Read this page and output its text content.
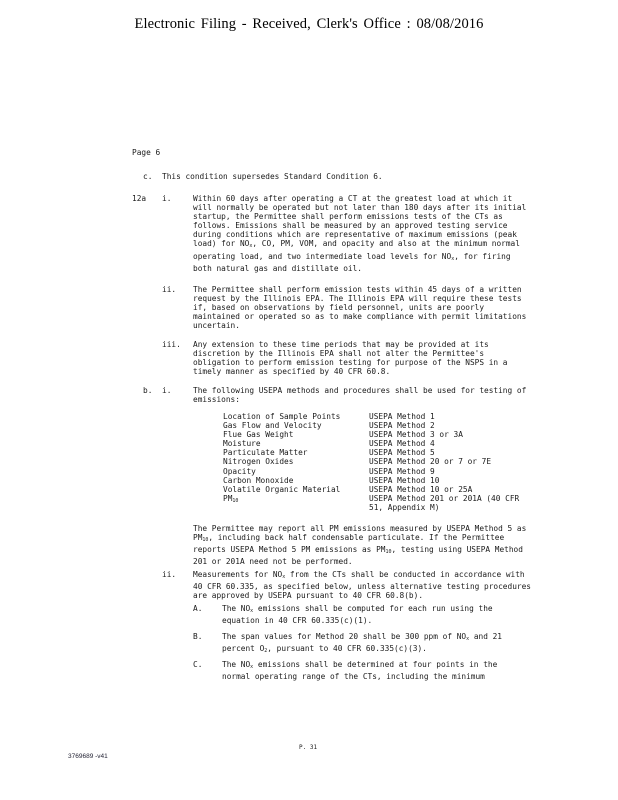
Electronic Filing - Received, Clerk's Office : 08/08/2016
Page 6
c. This condition supersedes Standard Condition 6.
12a i.	Within 60 days after operating a CT at the greatest load at which it will normally be operated but not later than 180 days after its initial startup, the Permittee shall perform emissions tests of the CTs as follows. Emissions shall be measured by an approved testing service during conditions which are representative of maximum emissions (peak load) for $NO_x$, CO, PM, VOM, and opacity and also at the minimum normal operating load, and two intermediate load levels for $NO_x$, for firing both natural gas and distillate oil.
ii. The Permittee shall perform emission tests within 45 days of a written request by the Illinois EPA. The Illinois EPA will require these tests if, based on observations by field personnel, units are poorly maintained or operated so as to make compliance with permit limitations uncertain.
iii. Any extension to these time periods that may be provided at its discretion by the Illinois EPA shall not alter the Permittee's obligation to perform emission testing for purpose of the NSPS in a timely manner as specified by 40 CFR 60.8.
b. i.	The following USEPA methods and procedures shall be used for testing of emissions:
Location of Sample Points	USEPA Method 1
Gas Flow and Velocity	USEPA Method 2
Flue Gas Weight	USEPA Method 3 or 3A
Moisture	USEPA Method 4
Particulate Matter	USEPA Method 5
Nitrogen Oxides	USEPA Method 20 or 7 or 7E
Opacity	USEPA Method 9
Carbon Monoxide	USEPA Method 10
Volatile Organic Material	USEPA Method 10 or 25A
$PM_{10}$	USEPA Method 201 or 201A (40 CFR 51, Appendix M)
The Permittee may report all PM emissions measured by USEPA Method 5 as $PM_{10}$, including back half condensable particulate. If the Permittee reports USEPA Method 5 PM emissions as $PM_{10}$, testing using USEPA Method 201 or 201A need not be performed.
ii. Measurements for $NO_x$ from the CTs shall be conducted in accordance with 40 CFR 60.335, as specified below, unless alternative testing procedures are approved by USEPA pursuant to 40 CFR 60.8(b).
A.	The $NO_x$ emissions shall be computed for each run using the equation in 40 CFR 60.335(c)(1).
B.	The span values for Method 20 shall be 300 ppm of $NO_x$ and 21 percent $O_2$, pursuant to 40 CFR 60.335(c)(3).
C.	The $NO_x$ emissions shall be determined at four points in the normal operating range of the CTs, including the minimum
P. 31
3769689 -v41
